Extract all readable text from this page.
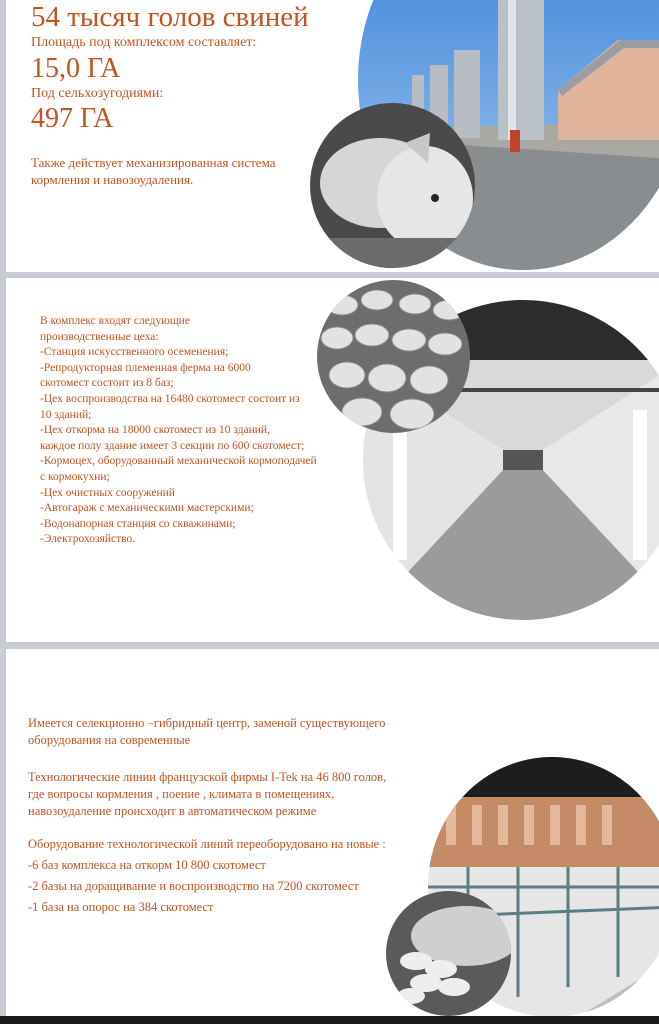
54 тысяч голов свиней
Площадь под комплексом составляет:
15,0 ГА
Под сельхозугодиями:
497 ГА
Также действует механизированная система
кормления и навозоудаления.
В комплекс входят следующие
производственные цеха:
-Станция искусственного осеменения;
-Репродукторная племенная ферма на 6000
скотомест состоит из 8 баз;
-Цех воспроизводства на 16480 скотомест состоит из
10 зданий;
-Цех откорма на 18000 скотомест из 10 зданий,
каждое полу здание имеет 3 секции по 600 скотомест;
-Кормоцех, оборудованный механической кормоподачей
с кормокухни;
-Цех очистных сооружений
-Автогараж с механическими мастерскими;
-Водонапорная станция со скважинами;
-Электрохозяйство.
Имеется селекционно –гибридный центр, заменой существующего
оборудования на современные
Технологические линии французской фирмы I-Tek на 46 800 голов,
где вопросы кормления , поение , климата в помещениях,
навозоудаление происходит в автоматическом режиме
Оборудование технологической линий переоборудовано на новые :
-6 баз комплекса на откорм 10 800 скотомест
-2 базы на доращивание и воспроизводство на 7200 скотомест
-1 база на опорос на 384 скотомест
